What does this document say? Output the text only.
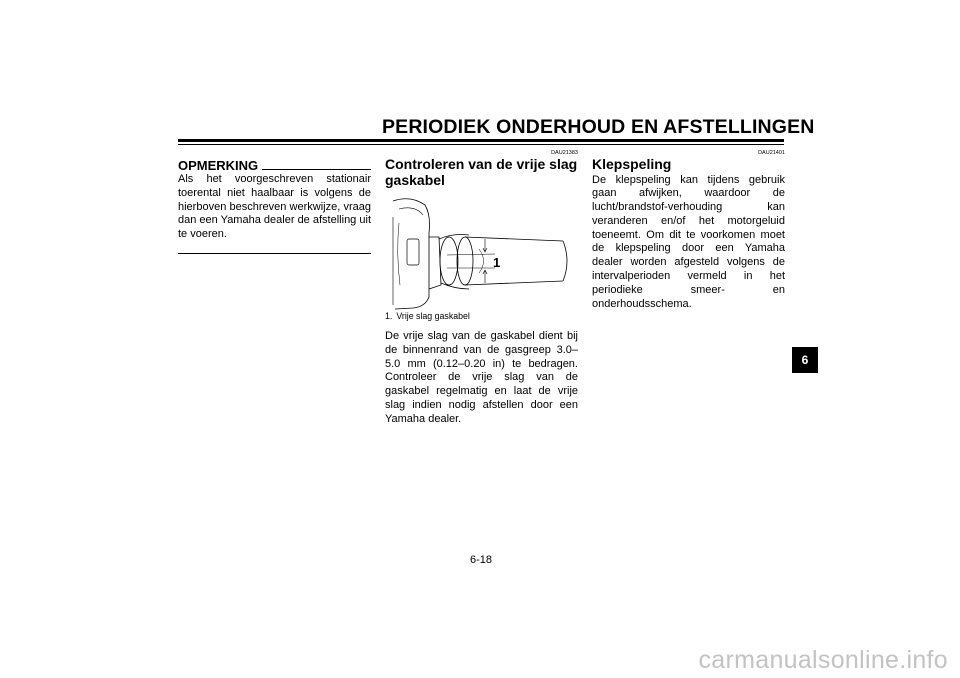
PERIODIEK ONDERHOUD EN AFSTELLINGEN
OPMERKING

Als het voorgeschreven stationair toerental niet haalbaar is volgens de hierboven beschreven werkwijze, vraag dan een Yamaha dealer de afstelling uit te voeren.

DAU21383
Controleren van de vrije slag gaskabel
1

1. Vrije slag gaskabel

De vrije slag van de gaskabel dient bij de binnenrand van de gasgreep 3.0–5.0 mm (0.12–0.20 in) te bedragen. Controleer de vrije slag van de gaskabel regelmatig en laat de vrije slag indien nodig afstellen door een Yamaha dealer.

DAU21401
Klepspeling

De klepspeling kan tijdens gebruik gaan afwijken, waardoor de lucht/brandstof-verhouding kan veranderen en/of het motorgeluid toeneemt. Om dit te voorkomen moet de klepspeling door een Yamaha dealer worden afgesteld volgens de intervalperioden vermeld in het periodieke smeer- en onderhoudsschema.

6
6-18
carmanualsonline.info
